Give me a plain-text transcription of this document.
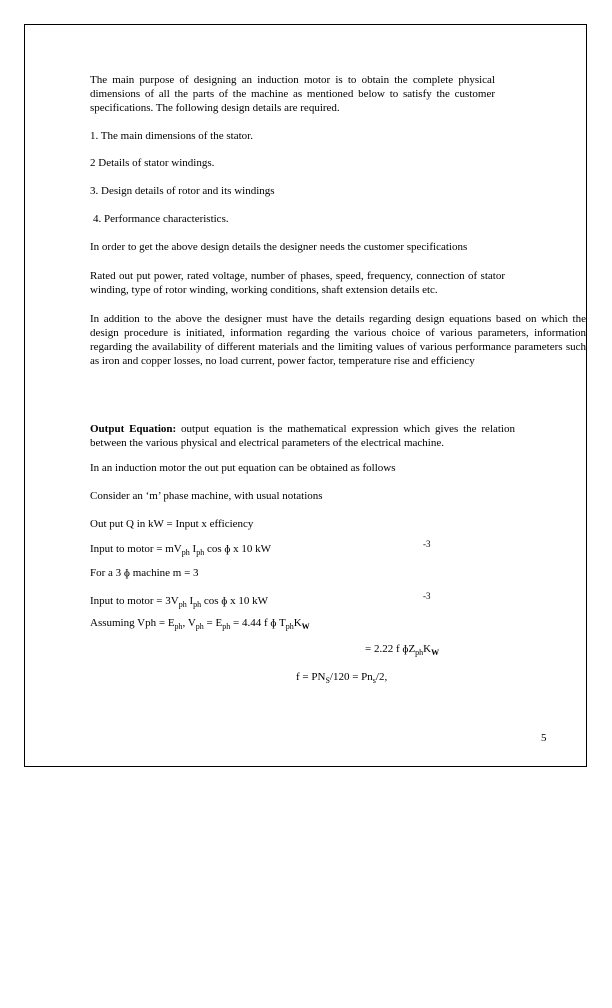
The main purpose of designing an induction motor is to obtain the complete physical dimensions of all the parts of the machine as mentioned below to satisfy the customer specifications. The following design details are required.
1. The main dimensions of the stator.
2 Details of stator windings.
3. Design details of rotor and its windings
4. Performance characteristics.
In order to get the above design details the designer needs the customer specifications
Rated out put power, rated voltage, number of phases, speed, frequency, connection of stator winding, type of rotor winding, working conditions, shaft extension details etc.
In addition to the above the designer must have the details regarding design equations based on which the design procedure is initiated, information regarding the various choice of various parameters, information regarding the availability of different materials and the limiting values of various performance parameters such as iron and copper losses, no load current, power factor, temperature rise and efficiency
Output Equation: output equation is the mathematical expression which gives the relation between the various physical and electrical parameters of the electrical machine.
In an induction motor the out put equation can be obtained as follows
Consider an ‘m’ phase machine, with usual notations
Out put Q in kW = Input x efficiency
Input to motor = $mV_{ph}$ $I_{ph}$ cos ɸ x 10 kW	-3
For a 3 ɸ machine m = 3
Input to motor = $3V_{ph}$ $I_{ph}$ cos ɸ x 10 kW	-3
Assuming Vph = $E_{ph}$, $V_{ph} = E_{ph} = 4.44$ f ɸ $T_{ph}K_W$
= 2.22 f $ɸZ_{ph}K_W$
$f = PN_S/120 = Pn_s/2$,
5
